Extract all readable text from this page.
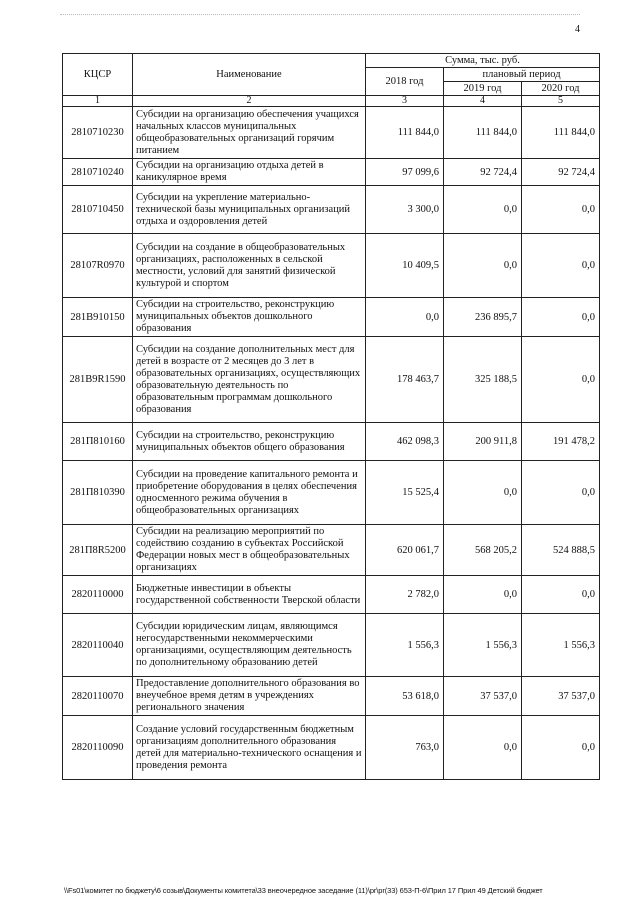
4
КЦСР	Наименование	Сумма, тыс. руб.		
		2018 год	плановый период	
			2019 год	2020 год
1	2	3	4	5
2810710230	Субсидии на организацию обеспечения учащихся начальных классов муниципальных общеобразовательных организаций горячим питанием	111 844,0	111 844,0	111 844,0
2810710240	Субсидии на организацию отдыха детей в каникулярное время	97 099,6	92 724,4	92 724,4
2810710450	Субсидии на укрепление материально-технической базы муниципальных организаций отдыха и оздоровления детей	3 300,0	0,0	0,0
28107R0970	Субсидии на создание в общеобразовательных организациях, расположенных в сельской местности, условий для занятий физической культурой и спортом	10 409,5	0,0	0,0
281В910150	Субсидии на строительство, реконструкцию муниципальных объектов дошкольного образования	0,0	236 895,7	0,0
281В9R1590	Субсидии на создание дополнительных мест для детей в возрасте от 2 месяцев до 3 лет в образовательных организациях, осуществляющих образовательную деятельность по образовательным программам дошкольного образования	178 463,7	325 188,5	0,0
281П810160	Субсидии на строительство, реконструкцию муниципальных объектов общего образования	462 098,3	200 911,8	191 478,2
281П810390	Субсидии на проведение капитального ремонта и приобретение оборудования в целях обеспечения односменного режима обучения в общеобразовательных организациях	15 525,4	0,0	0,0
281П8R5200	Субсидии на реализацию мероприятий по содействию созданию в субъектах Российской Федерации новых мест в общеобразовательных организациях	620 061,7	568 205,2	524 888,5
2820110000	Бюджетные инвестиции в объекты государственной собственности Тверской области	2 782,0	0,0	0,0
2820110040	Субсидии юридическим лицам, являющимся негосударственными некоммерческими организациями, осуществляющим деятельность по дополнительному образованию детей	1 556,3	1 556,3	1 556,3
2820110070	Предоставление дополнительного образования во внеучебное время детям в учреждениях регионального значения	53 618,0	37 537,0	37 537,0
2820110090	Создание условий государственным бюджетным организациям дополнительного образования детей для материально-технического оснащения и проведения ремонта	763,0	0,0	0,0
\\Fs01\комитет по бюджету\6 созыв\Документы комитета\33 внеочередное заседание (11)\pr\pr(33) 653-П-6\Прил 17 Прил 49 Детский бюджет
